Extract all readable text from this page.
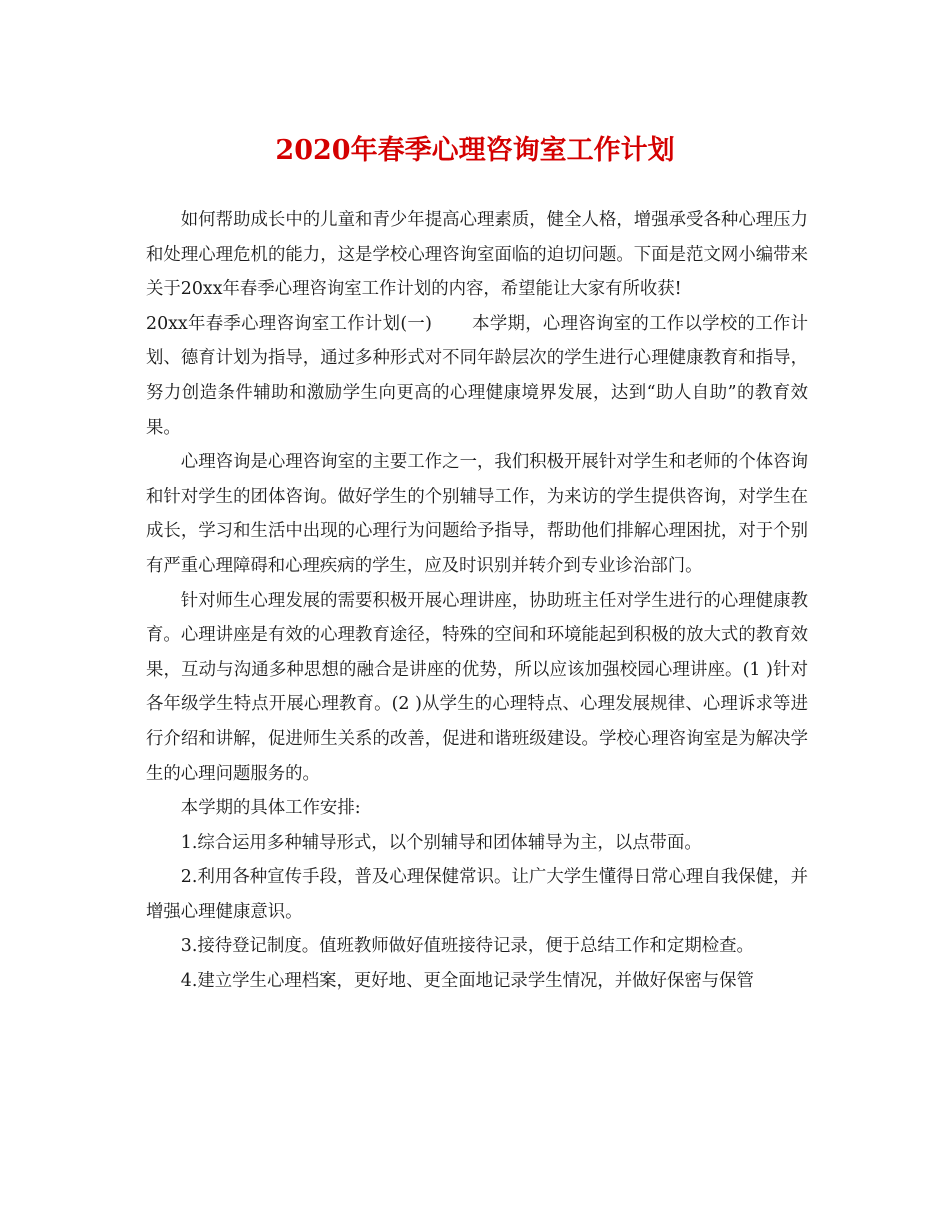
2020年春季心理咨询室工作计划

如何帮助成长中的儿童和青少年提高心理素质，健全人格，增强承受各种心理压力和处理心理危机的能力，这是学校心理咨询室面临的迫切问题。下面是范文网小编带来关于20xx年春季心理咨询室工作计划的内容，希望能让大家有所收获!

20xx年春季心理咨询室工作计划(一) 本学期，心理咨询室的工作以学校的工作计划、德育计划为指导，通过多种形式对不同年龄层次的学生进行心理健康教育和指导，努力创造条件辅助和激励学生向更高的心理健康境界发展，达到“助人自助”的教育效果。

心理咨询是心理咨询室的主要工作之一，我们积极开展针对学生和老师的个体咨询和针对学生的团体咨询。做好学生的个别辅导工作，为来访的学生提供咨询，对学生在成长，学习和生活中出现的心理行为问题给予指导，帮助他们排解心理困扰，对于个别有严重心理障碍和心理疾病的学生，应及时识别并转介到专业诊治部门。

针对师生心理发展的需要积极开展心理讲座，协助班主任对学生进行的心理健康教育。心理讲座是有效的心理教育途径，特殊的空间和环境能起到积极的放大式的教育效果，互动与沟通多种思想的融合是讲座的优势，所以应该加强校园心理讲座。(1 )针对各年级学生特点开展心理教育。(2 )从学生的心理特点、心理发展规律、心理诉求等进行介绍和讲解，促进师生关系的改善，促进和谐班级建设。学校心理咨询室是为解决学生的心理问题服务的。

本学期的具体工作安排:

1.综合运用多种辅导形式，以个别辅导和团体辅导为主，以点带面。

2.利用各种宣传手段，普及心理保健常识。让广大学生懂得日常心理自我保健，并增强心理健康意识。

3.接待登记制度。值班教师做好值班接待记录，便于总结工作和定期检查。

4.建立学生心理档案，更好地、更全面地记录学生情况，并做好保密与保管
